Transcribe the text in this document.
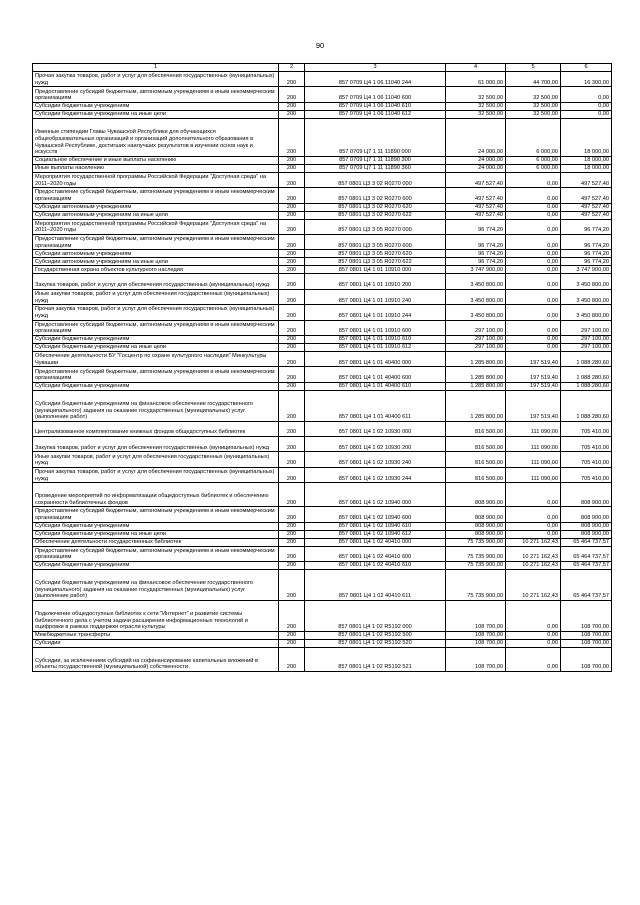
90
1	2	3	4	5	6
Прочая закупка товаров, работ и услуг для обеспечения государственных (муниципальных) нужд	200	857 0709 Ц4 1 06 11040 244	61 000,00	44 700,00	16 300,00
Предоставление субсидий бюджетным, автономным учреждениям и иным некоммерческим организациям	200	857 0709 Ц4 1 06 11040 600	32 500,00	32 500,00	0,00
Субсидии бюджетным учреждениям	200	857 0709 Ц4 1 06 11040 610	32 500,00	32 500,00	0,00
Субсидии бюджетным учреждениям на иные цели	200	857 0709 Ц4 1 06 11040 612	32 500,00	32 500,00	0,00
Именные стипендии Главы Чувашской Республики для обучающихся общеобразовательных организаций и организаций дополнительного образования в Чувашской Республике, достигших наилучших результатов в изучении основ наук и искусств	200	857 0709 Ц7 1 11 11890 000	24 000,00	6 000,00	18 000,00
Социальное обеспечение и иные выплаты населению	200	857 0709 Ц7 1 11 11890 300	24 000,00	6 000,00	18 000,00
Иные выплаты населению	200	857 0709 Ц7 1 11 11890 360	24 000,00	6 000,00	18 000,00
Мероприятия государственной программы Российской Федерации "Доступная среда" на 2011–2020 годы	200	857 0801 Ц3 3 02 R0270 000	497 527,40	0,00	497 527,40
Предоставление субсидий бюджетным, автономным учреждениям и иным некоммерческим организациям	200	857 0801 Ц3 3 02 R0270 600	497 527,40	0,00	497 527,40
Субсидии автономным учреждениям	200	857 0801 Ц3 3 02 R0270 620	497 527,40	0,00	497 527,40
Субсидии автономным учреждениям на иные цели	200	857 0801 Ц3 3 02 R0270 622	497 527,40	0,00	497 527,40
Мероприятия государственной программы Российской Федерации "Доступная среда" на 2011–2020 годы	200	857 0801 Ц3 3 05 R0270 000	96 774,20	0,00	96 774,20
Предоставление субсидий бюджетным, автономным учреждениям и иным некоммерческим организациям	200	857 0801 Ц3 3 05 R0270 600	96 774,20	0,00	96 774,20
Субсидии автономным учреждениям	200	857 0801 Ц3 3 05 R0270 620	96 774,20	0,00	96 774,20
Субсидии автономным учреждениям на иные цели	200	857 0801 Ц3 3 05 R0270 622	96 774,20	0,00	96 774,20
Государственная охрана объектов культурного наследия	200	857 0801 Ц4 1 01 10910 000	3 747 900,00	0,00	3 747 900,00
Закупка товаров, работ и услуг для обеспечения государственных (муниципальных) нужд	200	857 0801 Ц4 1 01 10910 200	3 450 800,00	0,00	3 450 800,00
Иные закупки товаров, работ и услуг для обеспечения государственных (муниципальных) нужд	200	857 0801 Ц4 1 01 10910 240	3 450 800,00	0,00	3 450 800,00
Прочая закупка товаров, работ и услуг для обеспечения государственных (муниципальных) нужд	200	857 0801 Ц4 1 01 10910 244	3 450 800,00	0,00	3 450 800,00
Предоставление субсидий бюджетным, автономным учреждениям и иным некоммерческим организациям	200	857 0801 Ц4 1 01 10910 600	297 100,00	0,00	297 100,00
Субсидии бюджетным учреждениям	200	857 0801 Ц4 1 01 10910 610	297 100,00	0,00	297 100,00
Субсидии бюджетным учреждениям на иные цели	200	857 0801 Ц4 1 01 10910 612	297 100,00	0,00	297 100,00
Обеспечение деятельности БУ "Госцентр по охране культурного наследия" Минкультуры Чувашии	200	857 0801 Ц4 1 01 40400 000	1 285 800,00	197 519,40	1 088 280,60
Предоставление субсидий бюджетным, автономным учреждениям и иным некоммерческим организациям	200	857 0801 Ц4 1 01 40400 600	1 285 800,00	197 519,40	1 088 280,60
Субсидии бюджетным учреждениям	200	857 0801 Ц4 1 01 40400 610	1 285 800,00	197 519,40	1 088 280,60
Субсидии бюджетным учреждениям на финансовое обеспечение государственного (муниципального) задания на оказание государственных (муниципальных) услуг (выполнение работ)	200	857 0801 Ц4 1 01 40400 611	1 285 800,00	197 519,40	1 088 280,60
Централизованное комплектование книжных фондов общедоступных библиотек	200	857 0801 Ц4 1 02 10930 000	816 500,00	111 090,00	705 410,00
Закупка товаров, работ и услуг для обеспечения государственных (муниципальных) нужд	200	857 0801 Ц4 1 02 10930 200	816 500,00	111 090,00	705 410,00
Иные закупки товаров, работ и услуг для обеспечения государственных (муниципальных) нужд	200	857 0801 Ц4 1 02 10930 240	816 500,00	111 090,00	705 410,00
Прочая закупка товаров, работ и услуг для обеспечения государственных (муниципальных) нужд	200	857 0801 Ц4 1 02 10930 244	816 500,00	111 090,00	705 410,00
Проведение мероприятий по информатизации общедоступных библиотек и обеспечению сохранности библиотечных фондов	200	857 0801 Ц4 1 02 10940 000	808 900,00	0,00	808 900,00
Предоставление субсидий бюджетным, автономным учреждениям и иным некоммерческим организациям	200	857 0801 Ц4 1 02 10940 600	808 900,00	0,00	808 900,00
Субсидии бюджетным учреждениям	200	857 0801 Ц4 1 02 10940 610	808 900,00	0,00	808 900,00
Субсидии бюджетным учреждениям на иные цели	200	857 0801 Ц4 1 02 10940 612	808 900,00	0,00	808 900,00
Обеспечение деятельности государственных библиотек	200	857 0801 Ц4 1 02 40410 000	75 735 900,00	10 271 162,43	65 464 737,57
Предоставление субсидий бюджетным, автономным учреждениям и иным некоммерческим организациям	200	857 0801 Ц4 1 02 40410 600	75 735 900,00	10 271 162,43	65 464 737,57
Субсидии бюджетным учреждениям	200	857 0801 Ц4 1 02 40410 610	75 735 900,00	10 271 162,43	65 464 737,57
Субсидии бюджетным учреждениям на финансовое обеспечение государственного (муниципального) задания на оказание государственных (муниципальных) услуг (выполнение работ)	200	857 0801 Ц4 1 02 40410 611	75 735 900,00	10 271 162,43	65 464 737,57
Подключение общедоступных библиотек к сети "Интернет" и развитие системы библиотечного дела с учетом задачи расширения информационных технологий и оцифровки в рамках поддержки отрасли культуры	200	857 0801 Ц4 1 02 R5192 000	108 700,00	0,00	108 700,00
Межбюджетные трансферты	200	857 0801 Ц4 1 02 R5192 500	108 700,00	0,00	108 700,00
Субсидии	200	857 0801 Ц4 1 02 R5192 520	108 700,00	0,00	108 700,00
Субсидии, за исключением субсидий на софинансирование капитальных вложений в объекты государственной (муниципальной) собственности	200	857 0801 Ц4 1 02 R5192 521	108 700,00	0,00	108 700,00
